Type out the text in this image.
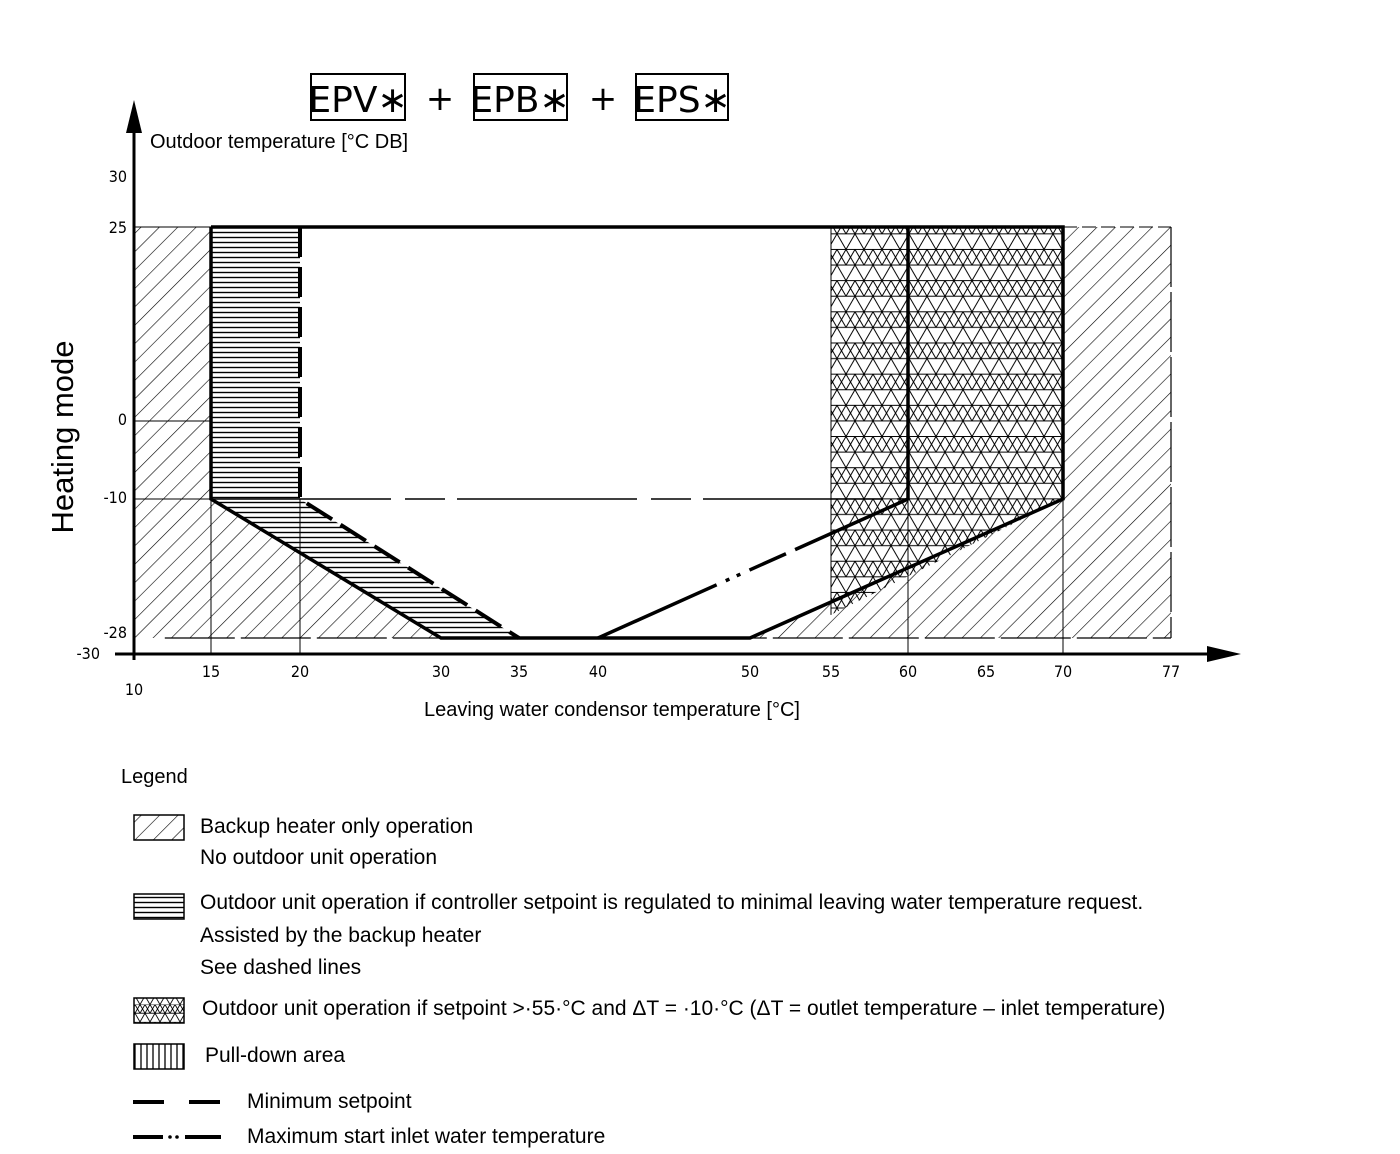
EPV∗ + EPB∗ + EPS∗
Heating mode
Outdoor temperature [°C DB]
Leaving water condensor temperature [°C]
10
15	20	30	35	40	50	55	60	65	70	77
30
25
0
-10
-28
-30
Legend
Backup heater only operation
No outdoor unit operation
Outdoor unit operation if controller setpoint is regulated to minimal leaving water temperature request.
Assisted by the backup heater
See dashed lines
Outdoor unit operation if setpoint >·55·°C and ΔT = ·10·°C (ΔT = outlet temperature – inlet temperature)
Pull-down area
Minimum setpoint
Maximum start inlet water temperature
